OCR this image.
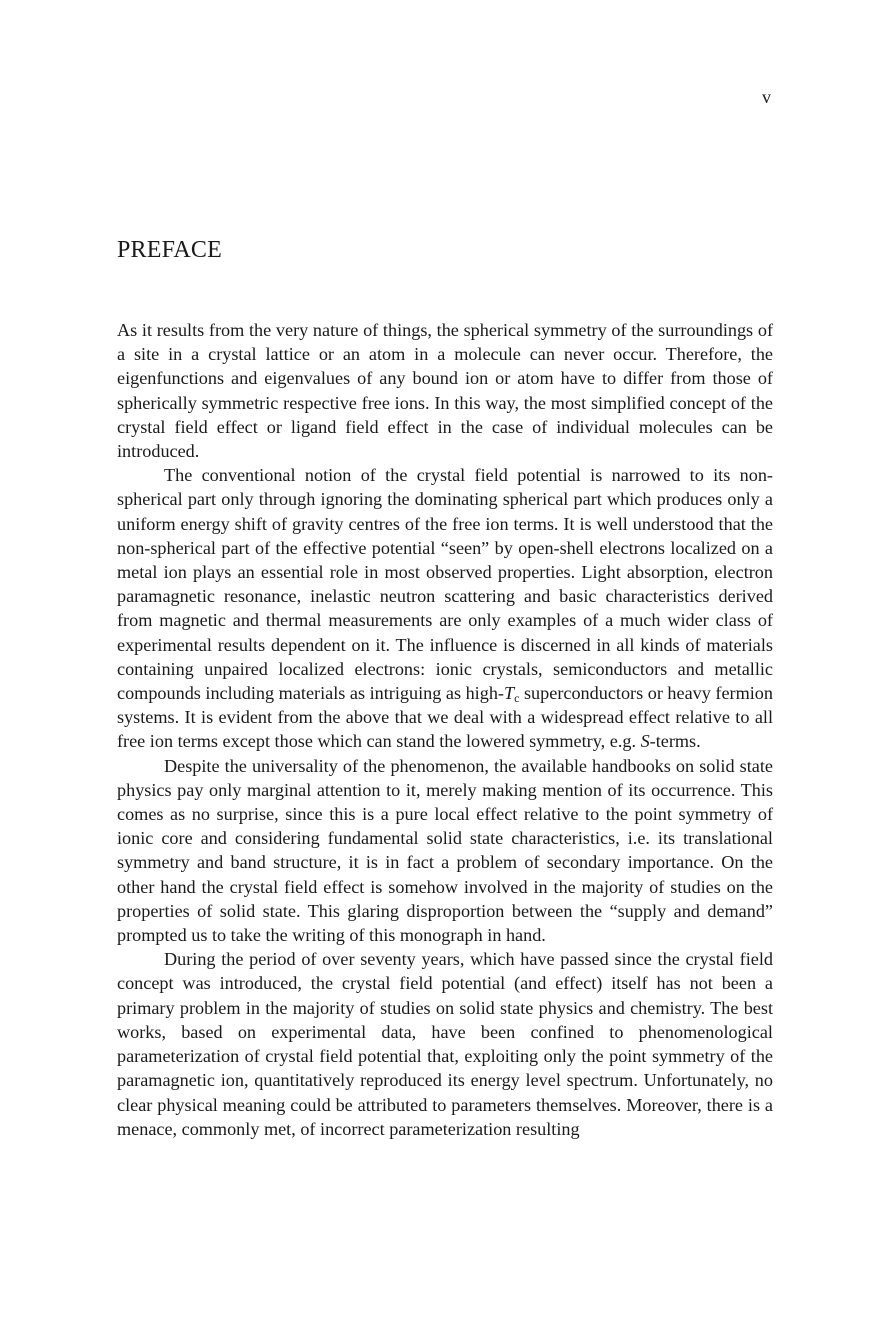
v
PREFACE

As it results from the very nature of things, the spherical symmetry of the surroundings of a site in a crystal lattice or an atom in a molecule can never occur. Therefore, the eigenfunctions and eigenvalues of any bound ion or atom have to differ from those of spherically symmetric respective free ions. In this way, the most simplified concept of the crystal field effect or ligand field effect in the case of individual molecules can be introduced.

The conventional notion of the crystal field potential is narrowed to its non-spherical part only through ignoring the dominating spherical part which produces only a uniform energy shift of gravity centres of the free ion terms. It is well understood that the non-spherical part of the effective potential “seen” by open-shell electrons localized on a metal ion plays an essential role in most observed properties. Light absorption, electron paramagnetic resonance, inelastic neutron scattering and basic characteristics derived from magnetic and thermal measurements are only examples of a much wider class of experimental results dependent on it. The influence is discerned in all kinds of materials containing unpaired localized electrons: ionic crystals, semiconductors and metallic compounds including materials as intriguing as high-$T_c$ superconductors or heavy fermion systems. It is evident from the above that we deal with a widespread effect relative to all free ion terms except those which can stand the lowered symmetry, e.g. S-terms.

Despite the universality of the phenomenon, the available handbooks on solid state physics pay only marginal attention to it, merely making mention of its occurrence. This comes as no surprise, since this is a pure local effect relative to the point symmetry of ionic core and considering fundamental solid state characteristics, i.e. its translational symmetry and band structure, it is in fact a problem of secondary importance. On the other hand the crystal field effect is somehow involved in the majority of studies on the properties of solid state. This glaring disproportion between the “supply and demand” prompted us to take the writing of this monograph in hand.

During the period of over seventy years, which have passed since the crystal field concept was introduced, the crystal field potential (and effect) itself has not been a primary problem in the majority of studies on solid state physics and chemistry. The best works, based on experimental data, have been confined to phenomenological parameterization of crystal field potential that, exploiting only the point symmetry of the paramagnetic ion, quantitatively reproduced its energy level spectrum. Unfortunately, no clear physical meaning could be attributed to parameters themselves. Moreover, there is a menace, commonly met, of incorrect parameterization resulting
